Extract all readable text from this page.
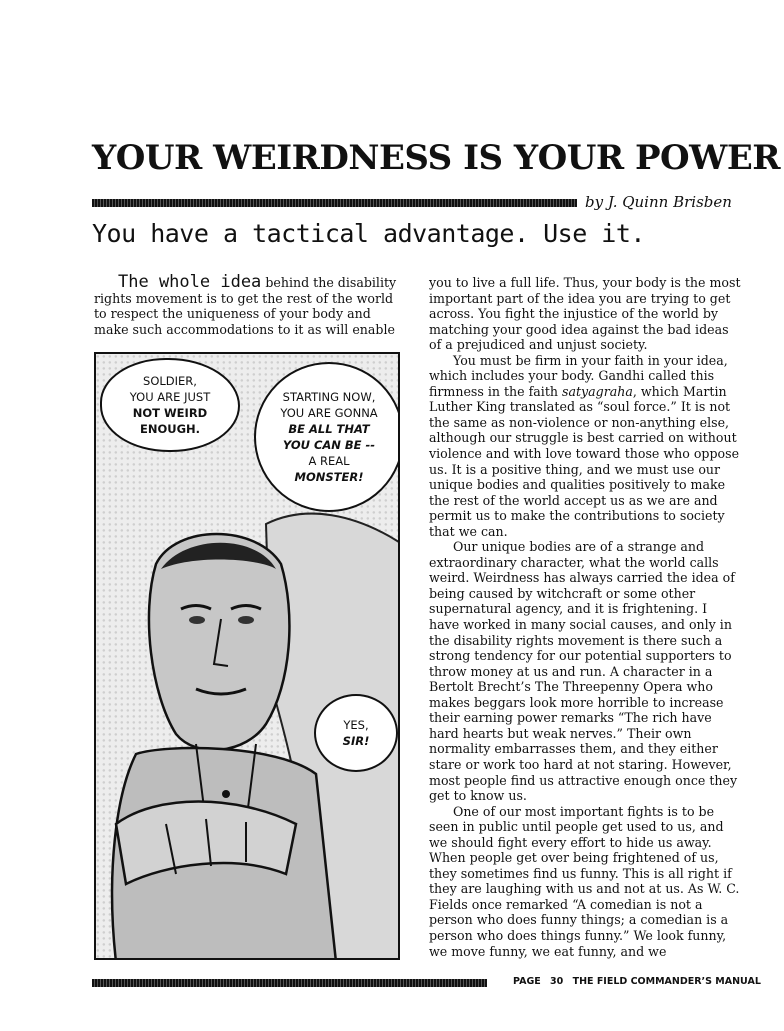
YOUR WEIRDNESS IS YOUR POWER
by J. Quinn Brisben
You have a tactical advantage. Use it.

The whole idea behind the disability rights movement is to get the rest of the world to respect the uniqueness of your body and make such accommodations to it as will enable

SOLDIER,
YOU ARE JUST
NOT WEIRD
ENOUGH.
STARTING NOW,
YOU ARE GONNA
BE ALL THAT
YOU CAN BE --
A REAL
MONSTER!
YES,
SIR!

you to live a full life. Thus, your body is the most important part of the idea you are trying to get across. You fight the injustice of the world by matching your good idea against the bad ideas of a prejudiced and unjust society.

You must be firm in your faith in your idea, which includes your body. Gandhi called this firmness in the faith satyagraha, which Martin Luther King translated as “soul force.” It is not the same as non-violence or non-anything else, although our struggle is best carried on without violence and with love toward those who oppose us. It is a positive thing, and we must use our unique bodies and qualities positively to make the rest of the world accept us as we are and permit us to make the contributions to society that we can.

Our unique bodies are of a strange and extraordinary character, what the world calls weird. Weirdness has always carried the idea of being caused by witchcraft or some other supernatural agency, and it is frightening. I have worked in many social causes, and only in the disability rights movement is there such a strong tendency for our potential supporters to throw money at us and run. A character in a Bertolt Brecht’s The Threepenny Opera who makes beggars look more horrible to increase their earning power remarks “The rich have hard hearts but weak nerves.” Their own normality embarrasses them, and they either stare or work too hard at not staring. However, most people find us attractive enough once they get to know us.

One of our most important fights is to be seen in public until people get used to us, and we should fight every effort to hide us away. When people get over being frightened of us, they sometimes find us funny. This is all right if they are laughing with us and not at us. As W. C. Fields once remarked “A comedian is not a person who does funny things; a comedian is a person who does things funny.” We look funny, we move funny, we eat funny, and we

PAGE 30 THE FIELD COMMANDER’S MANUAL
